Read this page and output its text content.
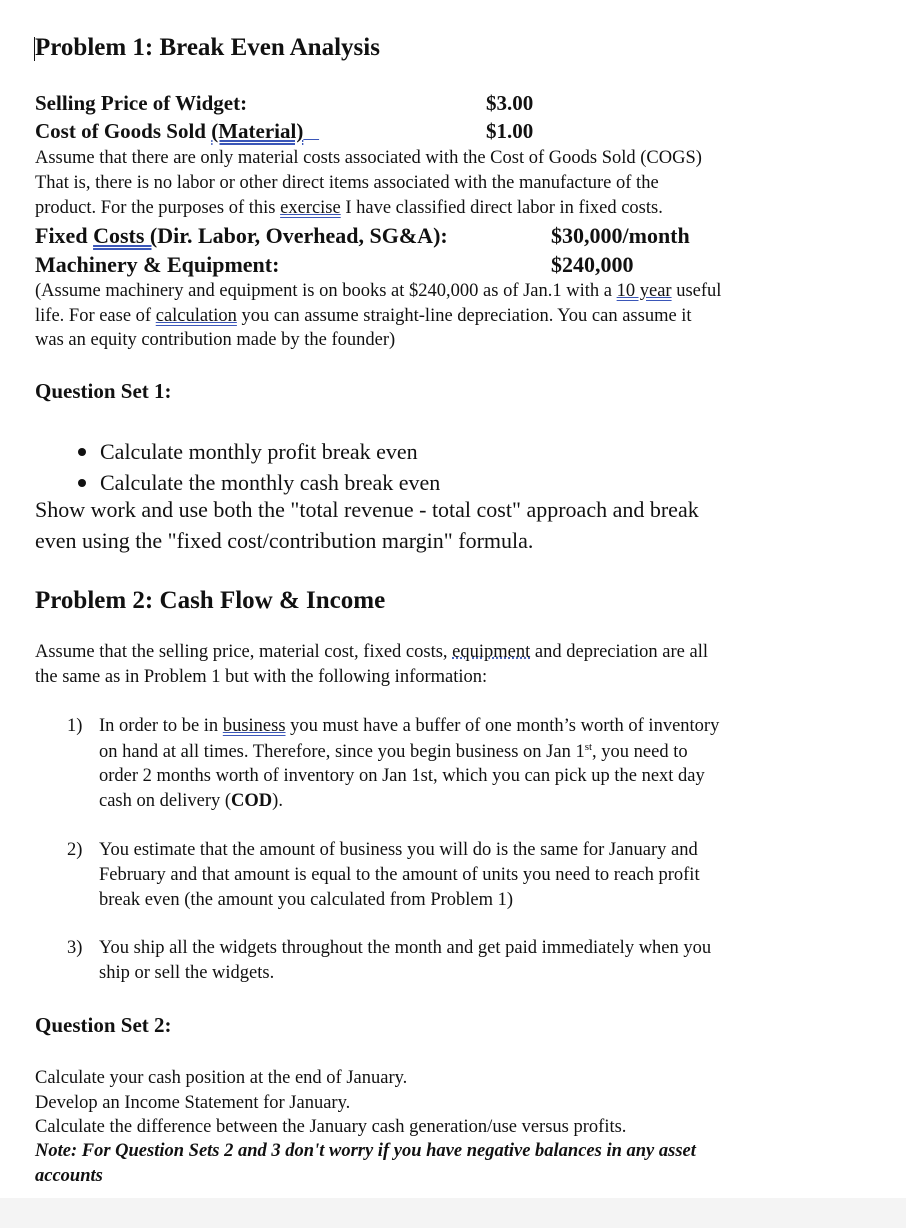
Problem 1: Break Even Analysis
Selling Price of Widget:	$3.00
Cost of Goods Sold (Material)	$1.00
Assume that there are only material costs associated with the Cost of Goods Sold (COGS)
That is, there is no labor or other direct items associated with the manufacture of the
product. For the purposes of this exercise I have classified direct labor in fixed costs.
Fixed Costs (Dir. Labor, Overhead, SG&A):	$30,000/month
Machinery & Equipment:	$240,000
(Assume machinery and equipment is on books at $240,000 as of Jan.1 with a 10 year useful
life. For ease of calculation you can assume straight-line depreciation. You can assume it
was an equity contribution made by the founder)
Question Set 1:
Calculate monthly profit break even
Calculate the monthly cash break even
Show work and use both the "total revenue - total cost" approach and break
even using the "fixed cost/contribution margin" formula.
Problem 2: Cash Flow & Income
Assume that the selling price, material cost, fixed costs, equipment and depreciation are all
the same as in Problem 1 but with the following information:
1) In order to be in business you must have a buffer of one month’s worth of inventory
on hand at all times. Therefore, since you begin business on Jan 1st, you need to
order 2 months worth of inventory on Jan 1st, which you can pick up the next day
cash on delivery (COD).
2) You estimate that the amount of business you will do is the same for January and
February and that amount is equal to the amount of units you need to reach profit
break even (the amount you calculated from Problem 1)
3) You ship all the widgets throughout the month and get paid immediately when you
ship or sell the widgets.
Question Set 2:
Calculate your cash position at the end of January.
Develop an Income Statement for January.
Calculate the difference between the January cash generation/use versus profits.
Note: For Question Sets 2 and 3 don't worry if you have negative balances in any asset
accounts
